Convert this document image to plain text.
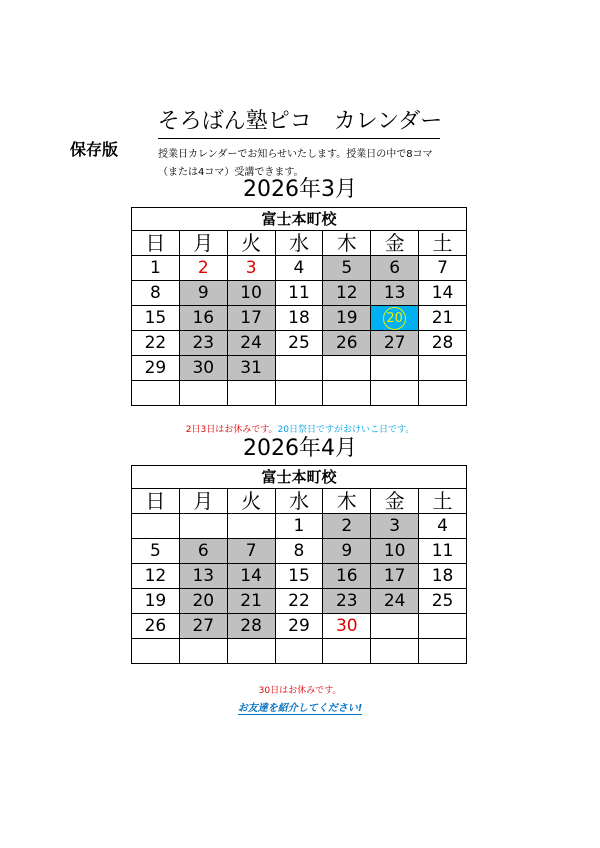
そろばん塾ピコ　カレンダー
保存版	授業日カレンダーでお知らせいたします。授業日の中で8コマ
（または4コマ）受講できます。
2026年3月
富士本町校						
日	月	火	水	木	金	土
1	2	3	4	5	6	7
8	9	10	11	12	13	14
15	16	17	18	19	20	21
22	23	24	25	26	27	28
29	30	31				

2日3日はお休みです。20日祭日ですがおけいこ日です。
2026年4月
富士本町校						
日	月	火	水	木	金	土
			1	2	3	4
5	6	7	8	9	10	11
12	13	14	15	16	17	18
19	20	21	22	23	24	25
26	27	28	29	30		

30日はお休みです。
お友達を紹介してください!
